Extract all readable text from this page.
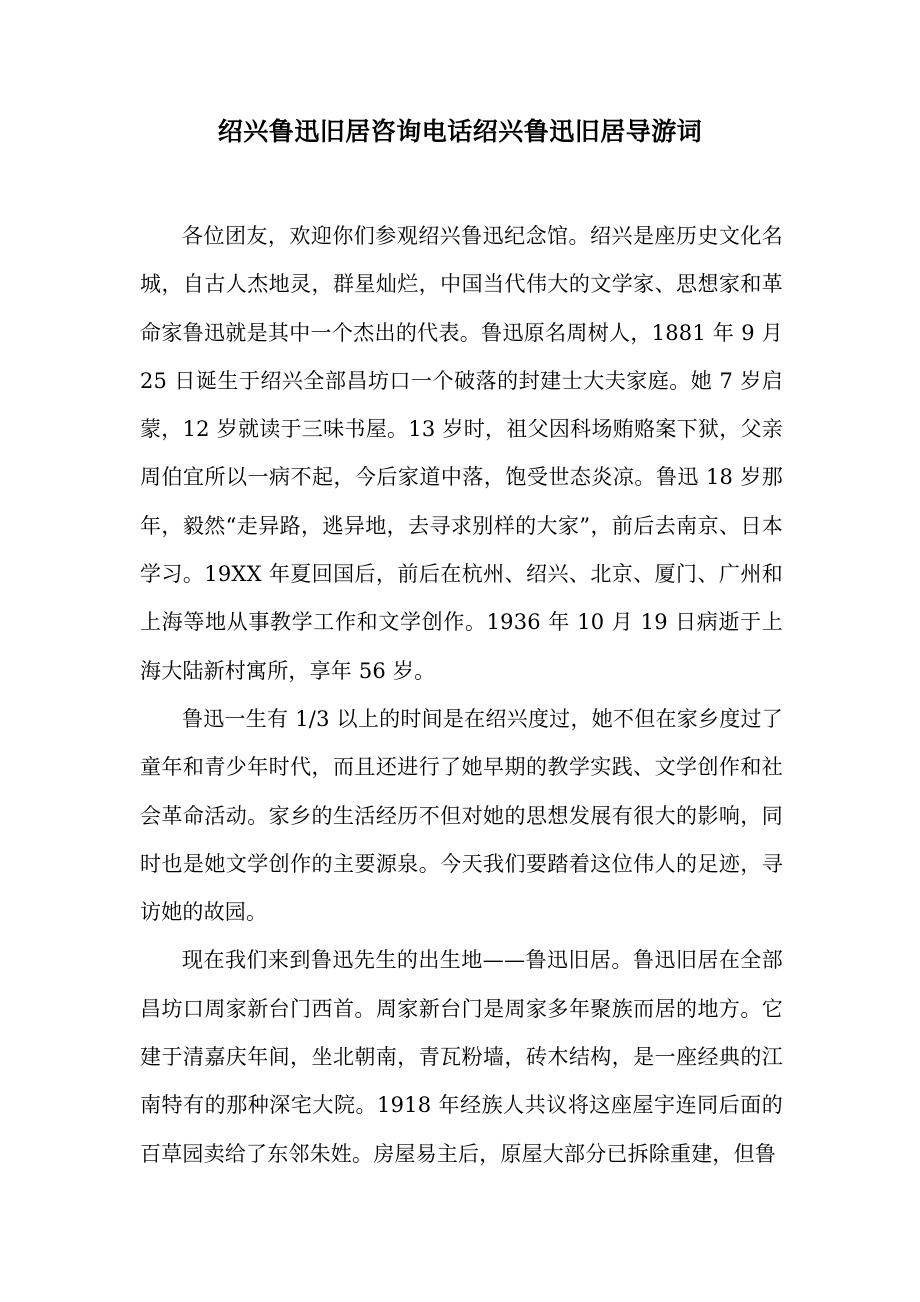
绍兴鲁迅旧居咨询电话绍兴鲁迅旧居导游词

各位团友，欢迎你们参观绍兴鲁迅纪念馆。绍兴是座历史文化名城，自古人杰地灵，群星灿烂，中国当代伟大的文学家、思想家和革命家鲁迅就是其中一个杰出的代表。鲁迅原名周树人，1881 年 9 月 25 日诞生于绍兴全部昌坊口一个破落的封建士大夫家庭。她 7 岁启蒙，12 岁就读于三味书屋。13 岁时，祖父因科场贿赂案下狱，父亲周伯宜所以一病不起，今后家道中落，饱受世态炎凉。鲁迅 18 岁那年，毅然“走异路，逃异地，去寻求别样的大家”，前后去南京、日本学习。19XX 年夏回国后，前后在杭州、绍兴、北京、厦门、广州和上海等地从事教学工作和文学创作。1936 年 10 月 19 日病逝于上海大陆新村寓所，享年 56 岁。

鲁迅一生有 1/3 以上的时间是在绍兴度过，她不但在家乡度过了童年和青少年时代，而且还进行了她早期的教学实践、文学创作和社会革命活动。家乡的生活经历不但对她的思想发展有很大的影响，同时也是她文学创作的主要源泉。今天我们要踏着这位伟人的足迹，寻访她的故园。

现在我们来到鲁迅先生的出生地——鲁迅旧居。鲁迅旧居在全部昌坊口周家新台门西首。周家新台门是周家多年聚族而居的地方。它建于清嘉庆年间，坐北朝南，青瓦粉墙，砖木结构，是一座经典的江南特有的那种深宅大院。1918 年经族人共议将这座屋宇连同后面的百草园卖给了东邻朱姓。房屋易主后，原屋大部分已拆除重建，但鲁
